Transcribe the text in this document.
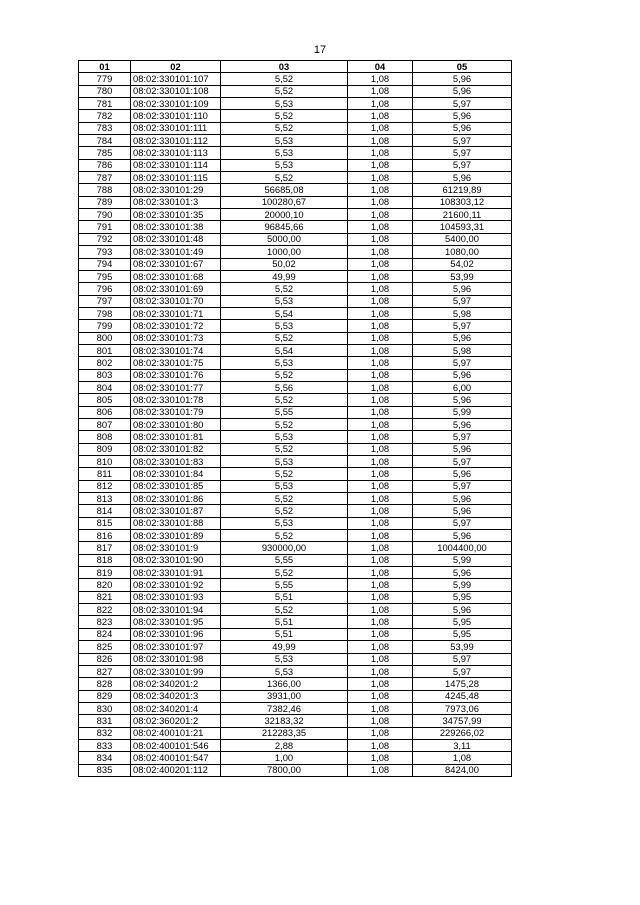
17
01	02	03	04	05
779	08:02:330101:107	5,52	1,08	5,96
780	08:02:330101:108	5,52	1,08	5,96
781	08:02:330101:109	5,53	1,08	5,97
782	08:02:330101:110	5,52	1,08	5,96
783	08:02:330101:111	5,52	1,08	5,96
784	08:02:330101:112	5,53	1,08	5,97
785	08:02:330101:113	5,53	1,08	5,97
786	08:02:330101:114	5,53	1,08	5,97
787	08:02:330101:115	5,52	1,08	5,96
788	08:02:330101:29	56685,08	1,08	61219,89
789	08:02:330101:3	100280,67	1,08	108303,12
790	08:02:330101:35	20000,10	1,08	21600,11
791	08:02:330101:38	96845,66	1,08	104593,31
792	08:02:330101:48	5000,00	1,08	5400,00
793	08:02:330101:49	1000,00	1,08	1080,00
794	08:02:330101:67	50,02	1,08	54,02
795	08:02:330101:68	49,99	1,08	53,99
796	08:02:330101:69	5,52	1,08	5,96
797	08:02:330101:70	5,53	1,08	5,97
798	08:02:330101:71	5,54	1,08	5,98
799	08:02:330101:72	5,53	1,08	5,97
800	08:02:330101:73	5,52	1,08	5,96
801	08:02:330101:74	5,54	1,08	5,98
802	08:02:330101:75	5,53	1,08	5,97
803	08:02:330101:76	5,52	1,08	5,96
804	08:02:330101:77	5,56	1,08	6,00
805	08:02:330101:78	5,52	1,08	5,96
806	08:02:330101:79	5,55	1,08	5,99
807	08:02:330101:80	5,52	1,08	5,96
808	08:02:330101:81	5,53	1,08	5,97
809	08:02:330101:82	5,52	1,08	5,96
810	08:02:330101:83	5,53	1,08	5,97
811	08:02:330101:84	5,52	1,08	5,96
812	08:02:330101:85	5,53	1,08	5,97
813	08:02:330101:86	5,52	1,08	5,96
814	08:02:330101:87	5,52	1,08	5,96
815	08:02:330101:88	5,53	1,08	5,97
816	08:02:330101:89	5,52	1,08	5,96
817	08:02:330101:9	930000,00	1,08	1004400,00
818	08:02:330101:90	5,55	1,08	5,99
819	08:02:330101:91	5,52	1,08	5,96
820	08:02:330101:92	5,55	1,08	5,99
821	08:02:330101:93	5,51	1,08	5,95
822	08:02:330101:94	5,52	1,08	5,96
823	08:02:330101:95	5,51	1,08	5,95
824	08:02:330101:96	5,51	1,08	5,95
825	08:02:330101:97	49,99	1,08	53,99
826	08:02:330101:98	5,53	1,08	5,97
827	08:02:330101:99	5,53	1,08	5,97
828	08:02:340201:2	1366,00	1,08	1475,28
829	08:02:340201:3	3931,00	1,08	4245,48
830	08:02:340201:4	7382,46	1,08	7973,06
831	08:02:360201:2	32183,32	1,08	34757,99
832	08:02:400101:21	212283,35	1,08	229266,02
833	08:02:400101:546	2,88	1,08	3,11
834	08:02:400101:547	1,00	1,08	1,08
835	08:02:400201:112	7800,00	1,08	8424,00
